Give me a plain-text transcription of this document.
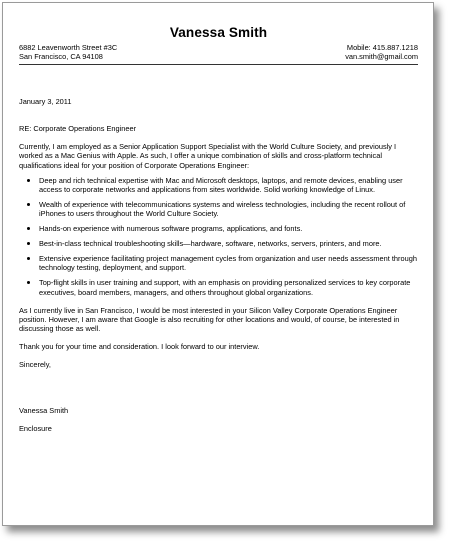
Vanessa Smith
6882 Leavenworth Street #3C
San Francisco, CA 94108
Mobile: 415.887.1218
van.smith@gmail.com
January 3, 2011
RE: Corporate Operations Engineer
Currently, I am employed as a Senior Application Support Specialist with the World Culture Society, and previously I worked as a Mac Genius with Apple. As such, I offer a unique combination of skills and cross-platform technical qualifications ideal for your position of Corporate Operations Engineer:
Deep and rich technical expertise with Mac and Microsoft desktops, laptops, and remote devices, enabling user access to corporate networks and applications from sites worldwide. Solid working knowledge of Linux.
Wealth of experience with telecommunications systems and wireless technologies, including the recent rollout of iPhones to users throughout the World Culture Society.
Hands-on experience with numerous software programs, applications, and fonts.
Best-in-class technical troubleshooting skills—hardware, software, networks, servers, printers, and more.
Extensive experience facilitating project management cycles from organization and user needs assessment through technology testing, deployment, and support.
Top-flight skills in user training and support, with an emphasis on providing personalized services to key corporate executives, board members, managers, and others throughout global organizations.
As I currently live in San Francisco, I would be most interested in your Silicon Valley Corporate Operations Engineer position. However, I am aware that Google is also recruiting for other locations and would, of course, be interested in discussing those as well.
Thank you for your time and consideration. I look forward to our interview.
Sincerely,
Vanessa Smith
Enclosure
